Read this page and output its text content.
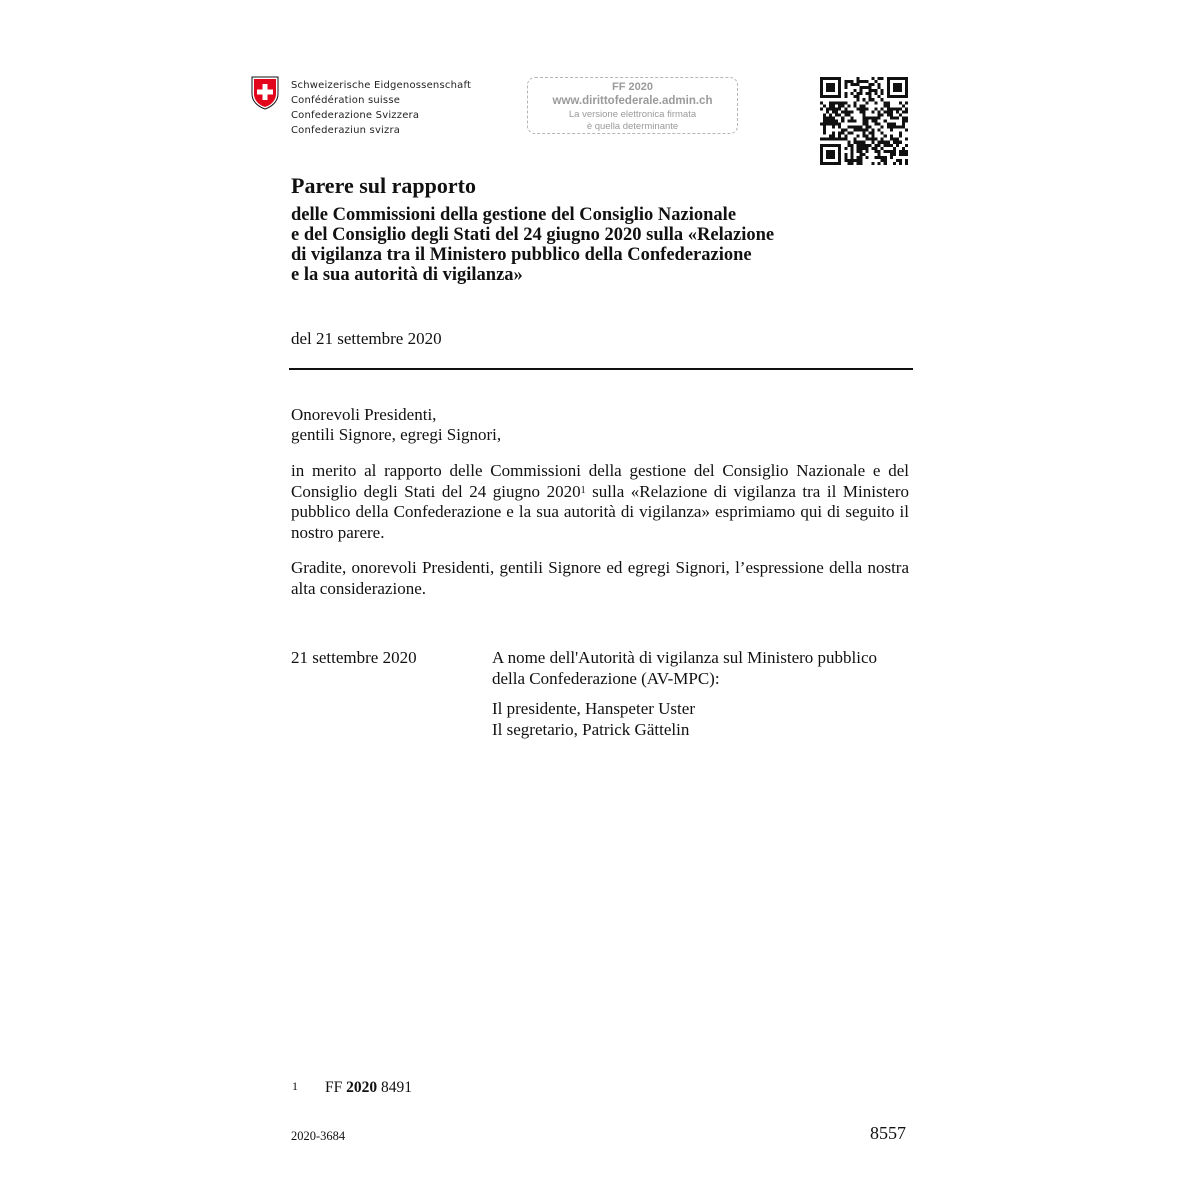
Schweizerische Eidgenossenschaft
Confédération suisse
Confederazione Svizzera
Confederaziun svizra
FF 2020
www.dirittofederale.admin.ch
La versione elettronica firmata
è quella determinante
Parere sul rapporto
delle Commissioni della gestione del Consiglio Nazionale
e del Consiglio degli Stati del 24 giugno 2020 sulla «Relazione
di vigilanza tra il Ministero pubblico della Confederazione
e la sua autorità di vigilanza»
del 21 settembre 2020
Onorevoli Presidenti,
gentili Signore, egregi Signori,
in merito al rapporto delle Commissioni della gestione del Consiglio Nazionale e del Consiglio degli Stati del 24 giugno 2020$^1$ sulla «Relazione di vigilanza tra il Ministero pubblico della Confederazione e la sua autorità di vigilanza» esprimiamo qui di seguito il nostro parere.
Gradite, onorevoli Presidenti, gentili Signore ed egregi Signori, l’espressione della nostra alta considerazione.
21 settembre 2020	A nome dell'Autorità di vigilanza sul Ministero pubblico
della Confederazione (AV-MPC):
Il presidente, Hanspeter Uster
Il segretario, Patrick Gättelin
1 FF 2020 8491
2020-3684	8557
